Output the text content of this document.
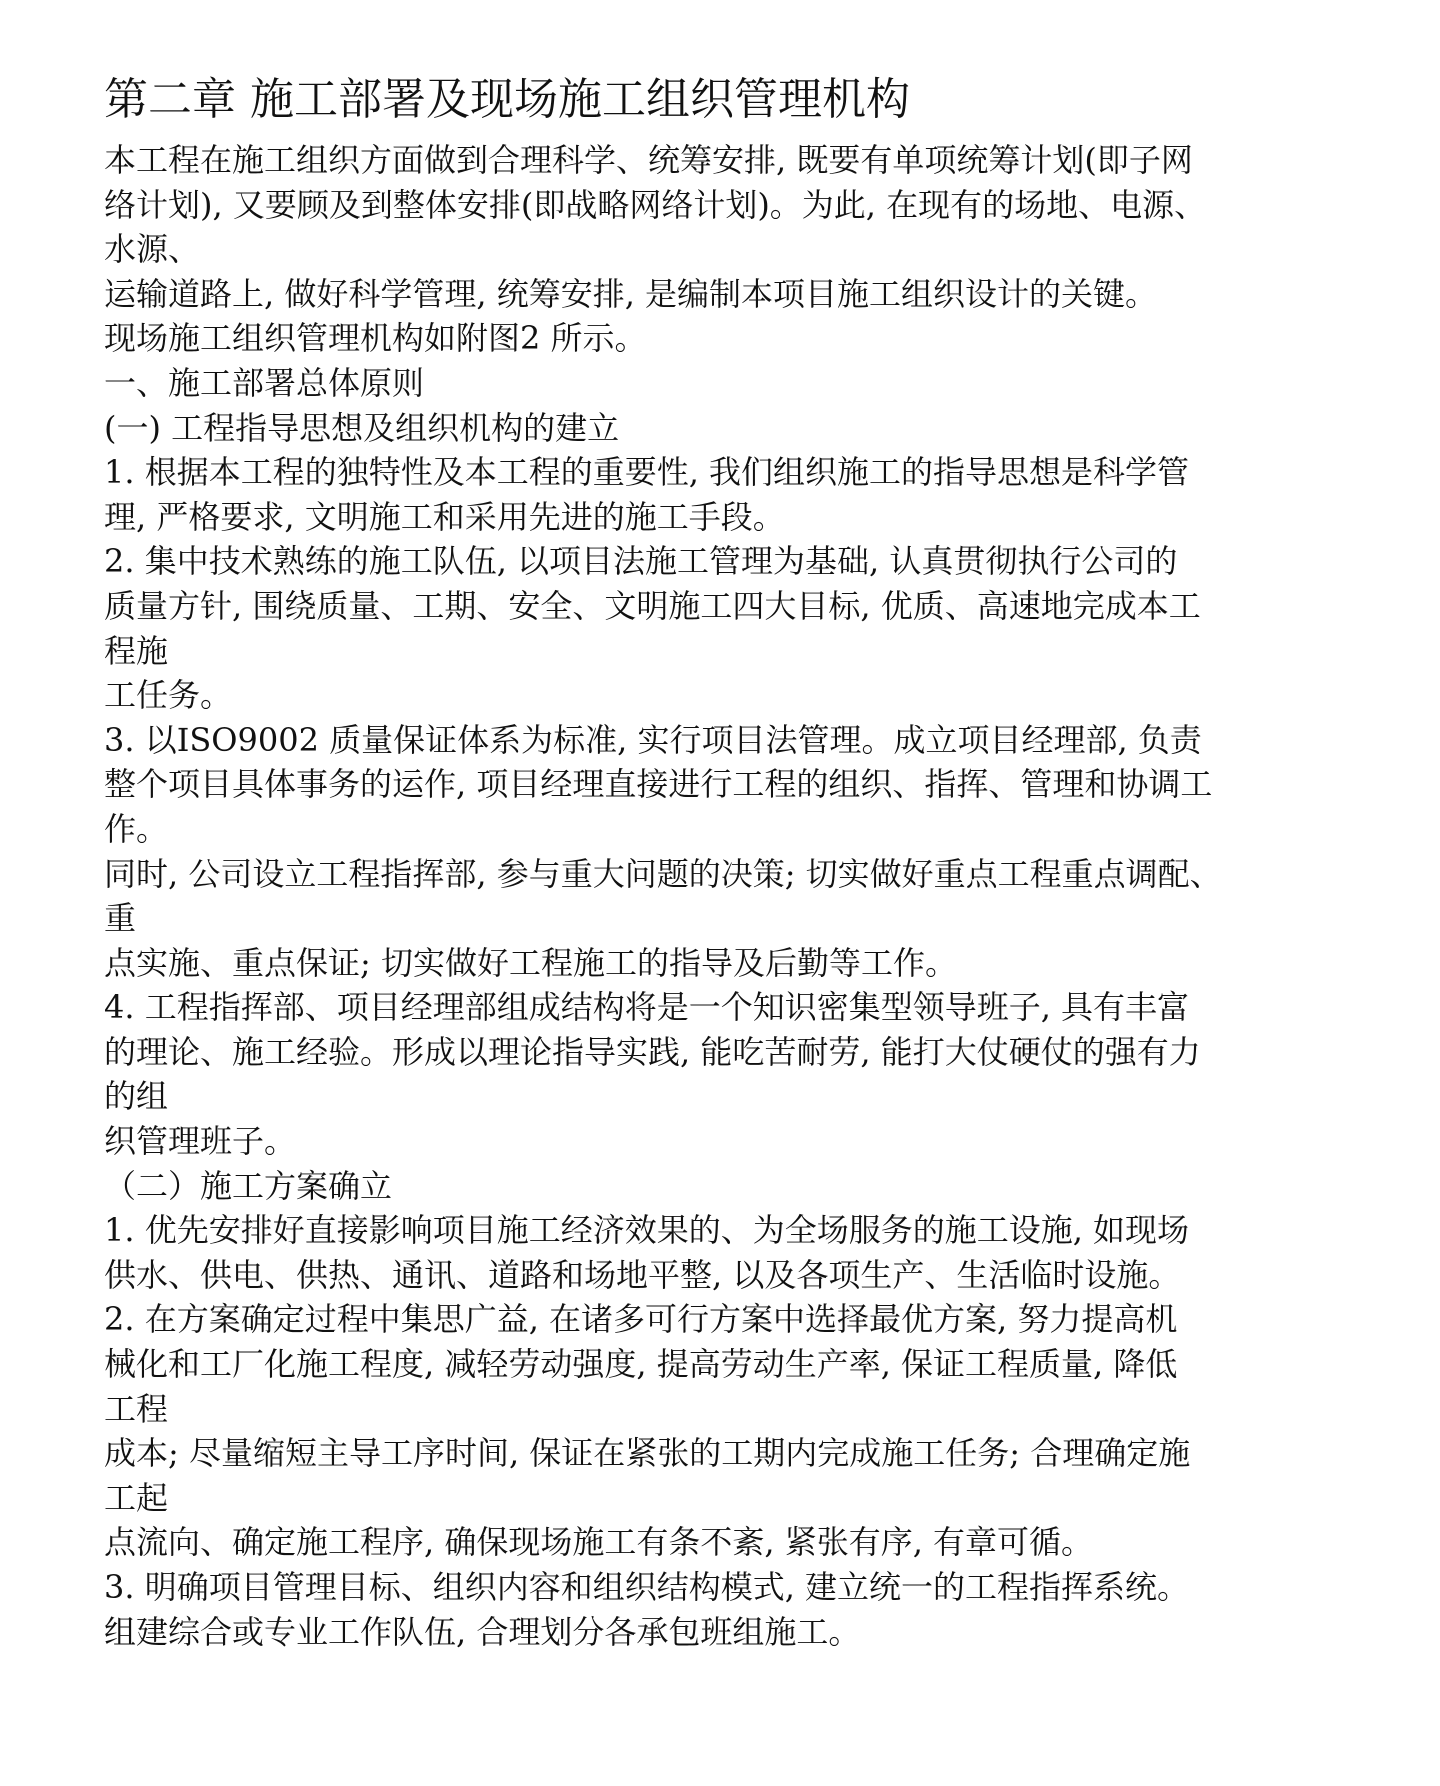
第二章 施工部署及现场施工组织管理机构

本工程在施工组织方面做到合理科学、统筹安排, 既要有单项统筹计划(即子网

络计划), 又要顾及到整体安排(即战略网络计划)。为此, 在现有的场地、电源、

水源、

运输道路上, 做好科学管理, 统筹安排, 是编制本项目施工组织设计的关键。

现场施工组织管理机构如附图2 所示。

一、施工部署总体原则

(一) 工程指导思想及组织机构的建立

1. 根据本工程的独特性及本工程的重要性, 我们组织施工的指导思想是科学管

理, 严格要求, 文明施工和采用先进的施工手段。

2. 集中技术熟练的施工队伍, 以项目法施工管理为基础, 认真贯彻执行公司的

质量方针, 围绕质量、工期、安全、文明施工四大目标, 优质、高速地完成本工

程施

工任务。

3. 以ISO9002 质量保证体系为标准, 实行项目法管理。成立项目经理部, 负责

整个项目具体事务的运作, 项目经理直接进行工程的组织、指挥、管理和协调工

作。

同时, 公司设立工程指挥部, 参与重大问题的决策; 切实做好重点工程重点调配、

重

点实施、重点保证; 切实做好工程施工的指导及后勤等工作。

4. 工程指挥部、项目经理部组成结构将是一个知识密集型领导班子, 具有丰富

的理论、施工经验。形成以理论指导实践, 能吃苦耐劳, 能打大仗硬仗的强有力

的组

织管理班子。

（二）施工方案确立

1. 优先安排好直接影响项目施工经济效果的、为全场服务的施工设施, 如现场

供水、供电、供热、通讯、道路和场地平整, 以及各项生产、生活临时设施。

2. 在方案确定过程中集思广益, 在诸多可行方案中选择最优方案, 努力提高机

械化和工厂化施工程度, 减轻劳动强度, 提高劳动生产率, 保证工程质量, 降低

工程

成本; 尽量缩短主导工序时间, 保证在紧张的工期内完成施工任务; 合理确定施

工起

点流向、确定施工程序, 确保现场施工有条不紊, 紧张有序, 有章可循。

3. 明确项目管理目标、组织内容和组织结构模式, 建立统一的工程指挥系统。

组建综合或专业工作队伍, 合理划分各承包班组施工。
